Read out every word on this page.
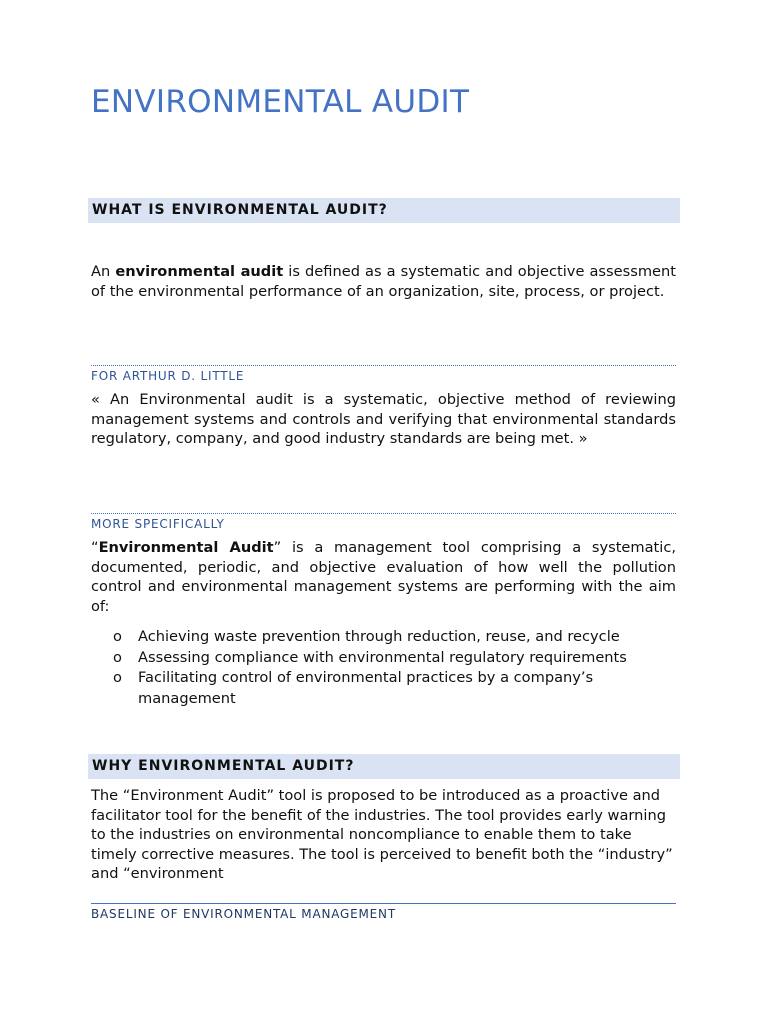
ENVIRONMENTAL AUDIT
WHAT IS ENVIRONMENTAL AUDIT?
An environmental audit is defined as a systematic and objective assessment of the environmental performance of an organization, site, process, or project.
FOR ARTHUR D. LITTLE
« An Environmental audit is a systematic, objective method of reviewing management systems and controls and verifying that environmental standards regulatory, company, and good industry standards are being met. »
MORE SPECIFICALLY
“Environmental Audit” is a management tool comprising a systematic, documented, periodic, and objective evaluation of how well the pollution control and environmental management systems are performing with the aim of:
o Achieving waste prevention through reduction, reuse, and recycle
o Assessing compliance with environmental regulatory requirements
o Facilitating control of environmental practices by a company’s management
WHY ENVIRONMENTAL AUDIT?
The “Environment Audit” tool is proposed to be introduced as a proactive and facilitator tool for the benefit of the industries. The tool provides early warning to the industries on environmental noncompliance to enable them to take timely corrective measures. The tool is perceived to benefit both the “industry” and “environment
BASELINE OF ENVIRONMENTAL MANAGEMENT
